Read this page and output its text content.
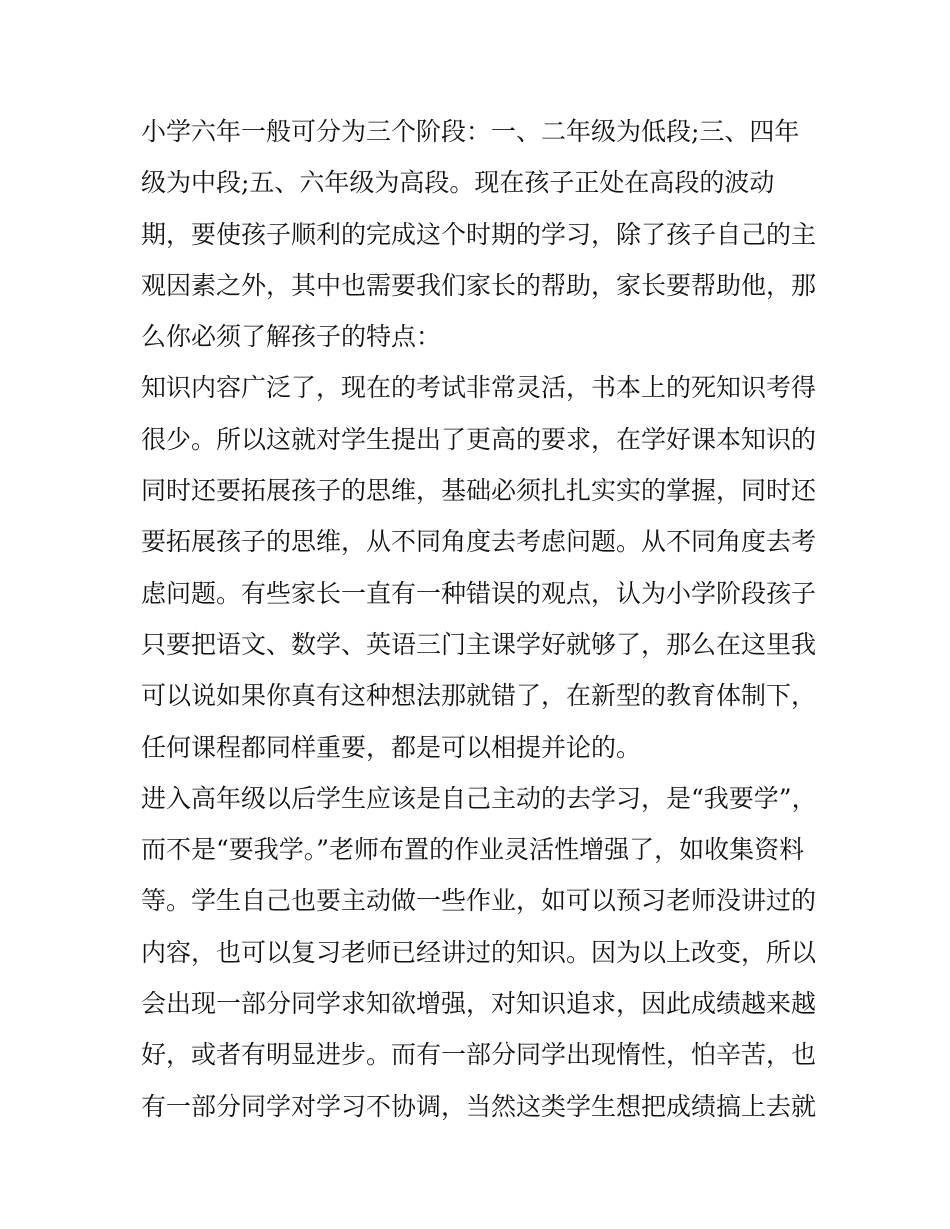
小学六年一般可分为三个阶段：一、二年级为低段;三、四年
级为中段;五、六年级为高段。现在孩子正处在高段的波动
期，要使孩子顺利的完成这个时期的学习，除了孩子自己的主
观因素之外，其中也需要我们家长的帮助，家长要帮助他，那
么你必须了解孩子的特点：
知识内容广泛了，现在的考试非常灵活，书本上的死知识考得
很少。所以这就对学生提出了更高的要求，在学好课本知识的
同时还要拓展孩子的思维，基础必须扎扎实实的掌握，同时还
要拓展孩子的思维，从不同角度去考虑问题。从不同角度去考
虑问题。有些家长一直有一种错误的观点，认为小学阶段孩子
只要把语文、数学、英语三门主课学好就够了，那么在这里我
可以说如果你真有这种想法那就错了，在新型的教育体制下，
任何课程都同样重要，都是可以相提并论的。
进入高年级以后学生应该是自己主动的去学习，是“我要学”，
而不是“要我学。”老师布置的作业灵活性增强了，如收集资料
等。学生自己也要主动做一些作业，如可以预习老师没讲过的
内容，也可以复习老师已经讲过的知识。因为以上改变，所以
会出现一部分同学求知欲增强，对知识追求，因此成绩越来越
好，或者有明显进步。而有一部分同学出现惰性，怕辛苦，也
有一部分同学对学习不协调，当然这类学生想把成绩搞上去就
